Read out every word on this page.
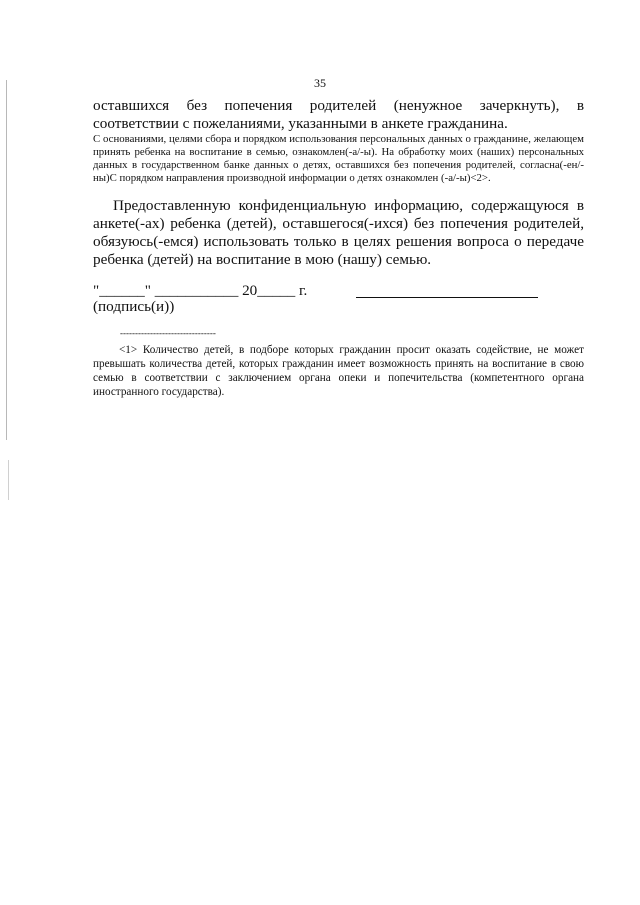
35

оставшихся без попечения родителей (ненужное зачеркнуть), в соответствии с пожеланиями, указанными в анкете гражданина.

С основаниями, целями сбора и порядком использования персональных данных о гражданине, желающем принять ребенка на воспитание в семью, ознакомлен(-а/-ы). На обработку моих (наших) персональных данных в государственном банке данных о детях, оставшихся без попечения родителей, согласна(-ен/-ны)С порядком направления производной информации о детях ознакомлен (-а/-ы)<2>.

Предоставленную конфиденциальную информацию, содержащуюся в анкете(-ах) ребенка (детей), оставшегося(-ихся) без попечения родителей, обязуюсь(-емся) использовать только в целях решения вопроса о передаче ребенка (детей) на воспитание в мою (нашу) семью.

"______" ___________ 20_____ г.
(подпись(и))
--------------------------------

<1> Количество детей, в подборе которых гражданин просит оказать содействие, не может превышать количества детей, которых гражданин имеет возможность принять на воспитание в свою семью в соответствии с заключением органа опеки и попечительства (компетентного органа иностранного государства).
